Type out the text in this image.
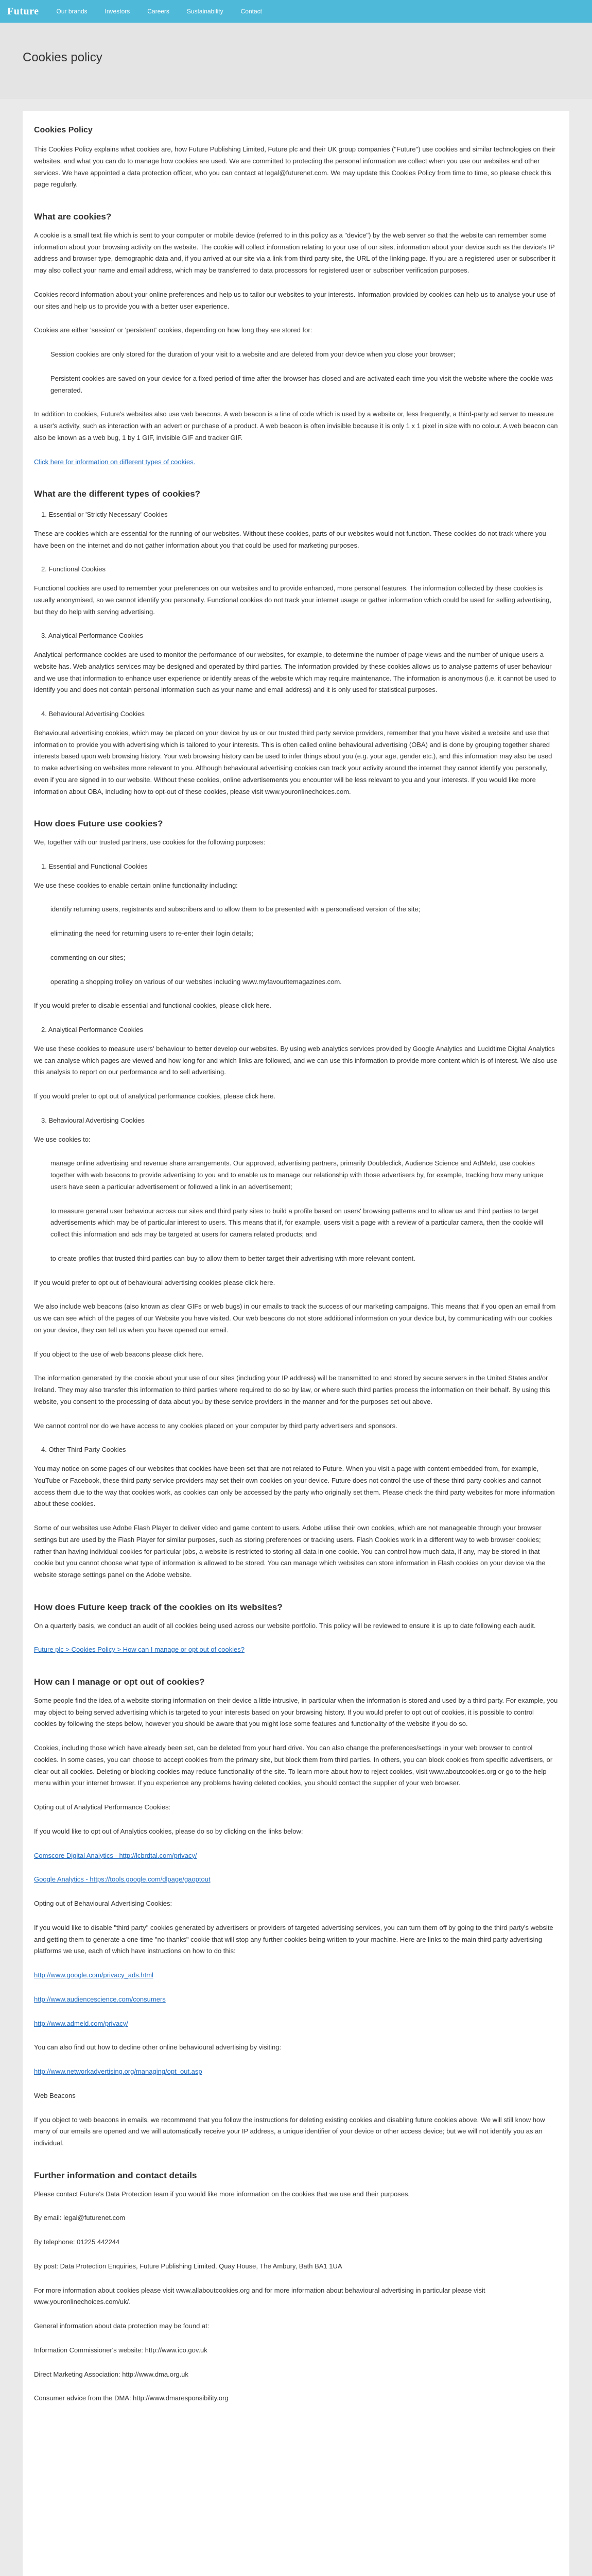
Future	Our brands	Investors	Careers	Sustainability	Contact
Cookies policy
Cookies Policy

This Cookies Policy explains what cookies are, how Future Publishing Limited, Future plc and their UK group companies ("Future") use cookies and similar technologies on their websites, and what you can do to manage how cookies are used. We are committed to protecting the personal information we collect when you use our websites and other services. We have appointed a data protection officer, who you can contact at legal@futurenet.com. We may update this Cookies Policy from time to time, so please check this page regularly.

What are cookies?

A cookie is a small text file which is sent to your computer or mobile device (referred to in this policy as a "device") by the web server so that the website can remember some information about your browsing activity on the website. The cookie will collect information relating to your use of our sites, information about your device such as the device's IP address and browser type, demographic data and, if you arrived at our site via a link from third party site, the URL of the linking page. If you are a registered user or subscriber it may also collect your name and email address, which may be transferred to data processors for registered user or subscriber verification purposes.

Cookies record information about your online preferences and help us to tailor our websites to your interests. Information provided by cookies can help us to analyse your use of our sites and help us to provide you with a better user experience.

Cookies are either 'session' or 'persistent' cookies, depending on how long they are stored for:

Session cookies are only stored for the duration of your visit to a website and are deleted from your device when you close your browser;

Persistent cookies are saved on your device for a fixed period of time after the browser has closed and are activated each time you visit the website where the cookie was generated.

In addition to cookies, Future's websites also use web beacons. A web beacon is a line of code which is used by a website or, less frequently, a third-party ad server to measure a user's activity, such as interaction with an advert or purchase of a product. A web beacon is often invisible because it is only 1 x 1 pixel in size with no colour. A web beacon can also be known as a web bug, 1 by 1 GIF, invisible GIF and tracker GIF.

Click here for information on different types of cookies.

What are the different types of cookies?

1. Essential or 'Strictly Necessary' Cookies

These are cookies which are essential for the running of our websites. Without these cookies, parts of our websites would not function. These cookies do not track where you have been on the internet and do not gather information about you that could be used for marketing purposes.

2. Functional Cookies

Functional cookies are used to remember your preferences on our websites and to provide enhanced, more personal features. The information collected by these cookies is usually anonymised, so we cannot identify you personally. Functional cookies do not track your internet usage or gather information which could be used for selling advertising, but they do help with serving advertising.

3. Analytical Performance Cookies

Analytical performance cookies are used to monitor the performance of our websites, for example, to determine the number of page views and the number of unique users a website has. Web analytics services may be designed and operated by third parties. The information provided by these cookies allows us to analyse patterns of user behaviour and we use that information to enhance user experience or identify areas of the website which may require maintenance. The information is anonymous (i.e. it cannot be used to identify you and does not contain personal information such as your name and email address) and it is only used for statistical purposes.

4. Behavioural Advertising Cookies

Behavioural advertising cookies, which may be placed on your device by us or our trusted third party service providers, remember that you have visited a website and use that information to provide you with advertising which is tailored to your interests. This is often called online behavioural advertising (OBA) and is done by grouping together shared interests based upon web browsing history. Your web browsing history can be used to infer things about you (e.g. your age, gender etc.), and this information may also be used to make advertising on websites more relevant to you. Although behavioural advertising cookies can track your activity around the internet they cannot identify you personally, even if you are signed in to our website. Without these cookies, online advertisements you encounter will be less relevant to you and your interests. If you would like more information about OBA, including how to opt-out of these cookies, please visit www.youronlinechoices.com.

How does Future use cookies?

We, together with our trusted partners, use cookies for the following purposes:

1. Essential and Functional Cookies

We use these cookies to enable certain online functionality including:

identify returning users, registrants and subscribers and to allow them to be presented with a personalised version of the site;

eliminating the need for returning users to re-enter their login details;

commenting on our sites;

operating a shopping trolley on various of our websites including www.myfavouritemagazines.com.

If you would prefer to disable essential and functional cookies, please click here.

2. Analytical Performance Cookies

We use these cookies to measure users' behaviour to better develop our websites. By using web analytics services provided by Google Analytics and Lucidtime Digital Analytics we can analyse which pages are viewed and how long for and which links are followed, and we can use this information to provide more content which is of interest. We also use this analysis to report on our performance and to sell advertising.

If you would prefer to opt out of analytical performance cookies, please click here.

3. Behavioural Advertising Cookies

We use cookies to:

manage online advertising and revenue share arrangements. Our approved, advertising partners, primarily Doubleclick, Audience Science and AdMeld, use cookies together with web beacons to provide advertising to you and to enable us to manage our relationship with those advertisers by, for example, tracking how many unique users have seen a particular advertisement or followed a link in an advertisement;

to measure general user behaviour across our sites and third party sites to build a profile based on users' browsing patterns and to allow us and third parties to target advertisements which may be of particular interest to users. This means that if, for example, users visit a page with a review of a particular camera, then the cookie will collect this information and ads may be targeted at users for camera related products; and

to create profiles that trusted third parties can buy to allow them to better target their advertising with more relevant content.

If you would prefer to opt out of behavioural advertising cookies please click here.

We also include web beacons (also known as clear GIFs or web bugs) in our emails to track the success of our marketing campaigns. This means that if you open an email from us we can see which of the pages of our Website you have visited. Our web beacons do not store additional information on your device but, by communicating with our cookies on your device, they can tell us when you have opened our email.

If you object to the use of web beacons please click here.

The information generated by the cookie about your use of our sites (including your IP address) will be transmitted to and stored by secure servers in the United States and/or Ireland. They may also transfer this information to third parties where required to do so by law, or where such third parties process the information on their behalf. By using this website, you consent to the processing of data about you by these service providers in the manner and for the purposes set out above.

We cannot control nor do we have access to any cookies placed on your computer by third party advertisers and sponsors.

4. Other Third Party Cookies

You may notice on some pages of our websites that cookies have been set that are not related to Future. When you visit a page with content embedded from, for example, YouTube or Facebook, these third party service providers may set their own cookies on your device. Future does not control the use of these third party cookies and cannot access them due to the way that cookies work, as cookies can only be accessed by the party who originally set them. Please check the third party websites for more information about these cookies.

Some of our websites use Adobe Flash Player to deliver video and game content to users. Adobe utilise their own cookies, which are not manageable through your browser settings but are used by the Flash Player for similar purposes, such as storing preferences or tracking users. Flash Cookies work in a different way to web browser cookies; rather than having individual cookies for particular jobs, a website is restricted to storing all data in one cookie. You can control how much data, if any, may be stored in that cookie but you cannot choose what type of information is allowed to be stored. You can manage which websites can store information in Flash cookies on your device via the website storage settings panel on the Adobe website.

How does Future keep track of the cookies on its websites?

On a quarterly basis, we conduct an audit of all cookies being used across our website portfolio. This policy will be reviewed to ensure it is up to date following each audit.

Future plc > Cookies Policy > How can I manage or opt out of cookies?

How can I manage or opt out of cookies?

Some people find the idea of a website storing information on their device a little intrusive, in particular when the information is stored and used by a third party. For example, you may object to being served advertising which is targeted to your interests based on your browsing history. If you would prefer to opt out of cookies, it is possible to control cookies by following the steps below, however you should be aware that you might lose some features and functionality of the website if you do so.

Cookies, including those which have already been set, can be deleted from your hard drive. You can also change the preferences/settings in your web browser to control cookies. In some cases, you can choose to accept cookies from the primary site, but block them from third parties. In others, you can block cookies from specific advertisers, or clear out all cookies. Deleting or blocking cookies may reduce functionality of the site. To learn more about how to reject cookies, visit www.aboutcookies.org or go to the help menu within your internet browser. If you experience any problems having deleted cookies, you should contact the supplier of your web browser.

Opting out of Analytical Performance Cookies:

If you would like to opt out of Analytics cookies, please do so by clicking on the links below:

Comscore Digital Analytics - http://lcbrdtal.com/privacy/

Google Analytics - https://tools.google.com/dlpage/gaoptout

Opting out of Behavioural Advertising Cookies:

If you would like to disable "third party" cookies generated by advertisers or providers of targeted advertising services, you can turn them off by going to the third party's website and getting them to generate a one-time "no thanks" cookie that will stop any further cookies being written to your machine. Here are links to the main third party advertising platforms we use, each of which have instructions on how to do this:

http://www.google.com/privacy_ads.html

http://www.audiencescience.com/consumers

http://www.admeld.com/privacy/

You can also find out how to decline other online behavioural advertising by visiting:

http://www.networkadvertising.org/managing/opt_out.asp

Web Beacons

If you object to web beacons in emails, we recommend that you follow the instructions for deleting existing cookies and disabling future cookies above. We will still know how many of our emails are opened and we will automatically receive your IP address, a unique identifier of your device or other access device; but we will not identify you as an individual.

Further information and contact details

Please contact Future's Data Protection team if you would like more information on the cookies that we use and their purposes.

By email: legal@futurenet.com

By telephone: 01225 442244

By post: Data Protection Enquiries, Future Publishing Limited, Quay House, The Ambury, Bath BA1 1UA

For more information about cookies please visit www.allaboutcookies.org and for more information about behavioural advertising in particular please visit www.youronlinechoices.com/uk/.

General information about data protection may be found at:

Information Commissioner's website: http://www.ico.gov.uk

Direct Marketing Association: http://www.dma.org.uk

Consumer advice from the DMA: http://www.dmaresponsibility.org
